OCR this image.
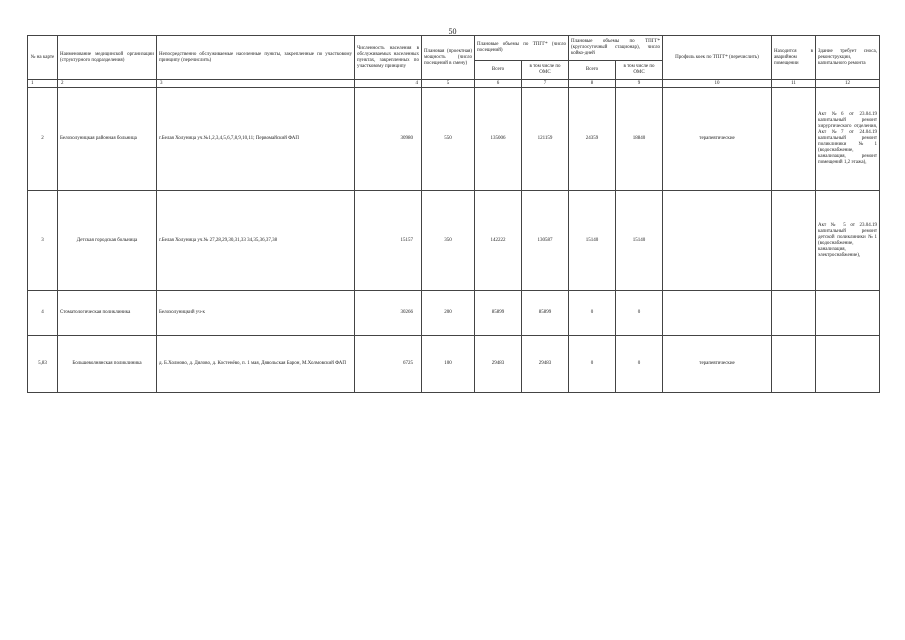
50
№ на карте	Наименование медицинской организации (структурного подразделения)	Непосредственно обслуживаемые населенные пункты, закрепленные по участковому принципу (перечислить)	Численность населения в обслуживаемых населенных пунктах, закрепленных по участковому принципу	Плановая (проектная) мощность (число посещений в смену)	Плановые объемы по ТПГГ* (число посещений)		Плановые объемы по ТПГГ* (круглосуточный стационар), число койко-дней		Профиль коек по ТПГГ* (перечислить)	Находится в аварийном помещении	Здание требует сноса, реконструкции, капитального ремонта
					Всего	в том числе по ОМС	Всего	в том числе по ОМС			
1	2	3	4	5	6	7	8	9	10	11	12
2	Белохолуницкая районная больница	г.Белая Холуница уч.№1,2,3,4,5,6,7,8,9,10,11; Первомайский ФАП	30980	550	135006	121159	24359	18840	терапевтические		Акт №6 от 23.04.19 капитальный ремонт хирургического отделения, Акт №7 от 24.04.19 капитальный ремонт поликлиники №1 (водоснабжение, канализация, ремонт помещений 1,2 этажа),
3	Детская городская больница	г.Белая Холуница уч.№ 27,28,29,30,31,33 34,35,36,37,38	15157	350	142222	130587	15140	15140			Акт № 5 от 23.04.19 капитальный ремонт детской поликлиники №1 (водоснабжение, канализация, электроснабжение),
4	Стоматологическая поликлиника	Белохолуницкий уч-к	30266	200	85899	85899	0	0			
5,83	Большеволнянская поликлиника	д. Б.Холмово, д. Дялово, д. Костенёво, п. 1 мая, Дявольская Барон, М.Холмовский ФАП	6725	100	29483	29483	0	0	терапевтические		
